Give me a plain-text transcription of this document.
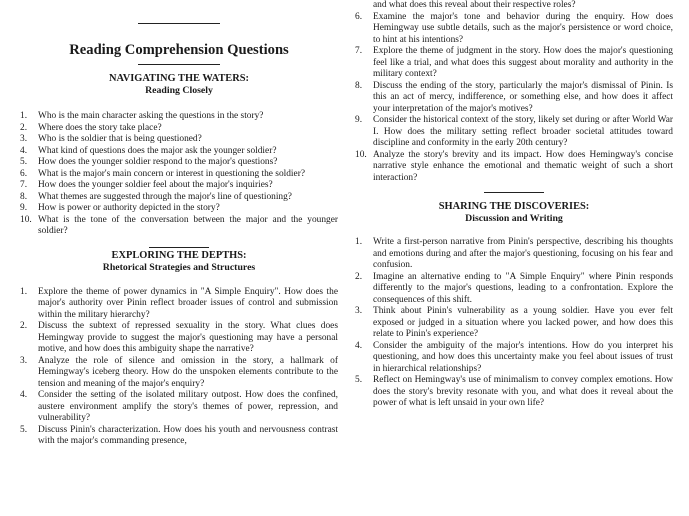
Reading Comprehension Questions
NAVIGATING THE WATERS:
Reading Closely
1. Who is the main character asking the questions in the story?
2. Where does the story take place?
3. Who is the soldier that is being questioned?
4. What kind of questions does the major ask the younger soldier?
5. How does the younger soldier respond to the major's questions?
6. What is the major's main concern or interest in questioning the soldier?
7. How does the younger soldier feel about the major's inquiries?
8. What themes are suggested through the major's line of questioning?
9. How is power or authority depicted in the story?
10. What is the tone of the conversation between the major and the younger soldier?
EXPLORING THE DEPTHS:
Rhetorical Strategies and Structures
1. Explore the theme of power dynamics in "A Simple Enquiry". How does the major's authority over Pinin reflect broader issues of control and submission within the military hierarchy?
2. Discuss the subtext of repressed sexuality in the story. What clues does Hemingway provide to suggest the major's questioning may have a personal motive, and how does this ambiguity shape the narrative?
3. Analyze the role of silence and omission in the story, a hallmark of Hemingway's iceberg theory. How do the unspoken elements contribute to the tension and meaning of the major's enquiry?
4. Consider the setting of the isolated military outpost. How does the confined, austere environment amplify the story's themes of power, repression, and vulnerability?
5. Discuss Pinin's characterization. How does his youth and nervousness contrast with the major's commanding presence,
and what does this reveal about their respective roles?
6. Examine the major's tone and behavior during the enquiry. How does Hemingway use subtle details, such as the major's persistence or word choice, to hint at his intentions?
7. Explore the theme of judgment in the story. How does the major's questioning feel like a trial, and what does this suggest about morality and authority in the military context?
8. Discuss the ending of the story, particularly the major's dismissal of Pinin. Is this an act of mercy, indifference, or something else, and how does it affect your interpretation of the major's motives?
9. Consider the historical context of the story, likely set during or after World War I. How does the military setting reflect broader societal attitudes toward discipline and conformity in the early 20th century?
10. Analyze the story's brevity and its impact. How does Hemingway's concise narrative style enhance the emotional and thematic weight of such a short interaction?
SHARING THE DISCOVERIES:
Discussion and Writing
1. Write a first-person narrative from Pinin's perspective, describing his thoughts and emotions during and after the major's questioning, focusing on his fear and confusion.
2. Imagine an alternative ending to "A Simple Enquiry" where Pinin responds differently to the major's questions, leading to a confrontation. Explore the consequences of this shift.
3. Think about Pinin's vulnerability as a young soldier. Have you ever felt exposed or judged in a situation where you lacked power, and how does this relate to Pinin's experience?
4. Consider the ambiguity of the major's intentions. How do you interpret his questioning, and how does this uncertainty make you feel about issues of trust in hierarchical relationships?
5. Reflect on Hemingway's use of minimalism to convey complex emotions. How does the story's brevity resonate with you, and what does it reveal about the power of what is left unsaid in your own life?
